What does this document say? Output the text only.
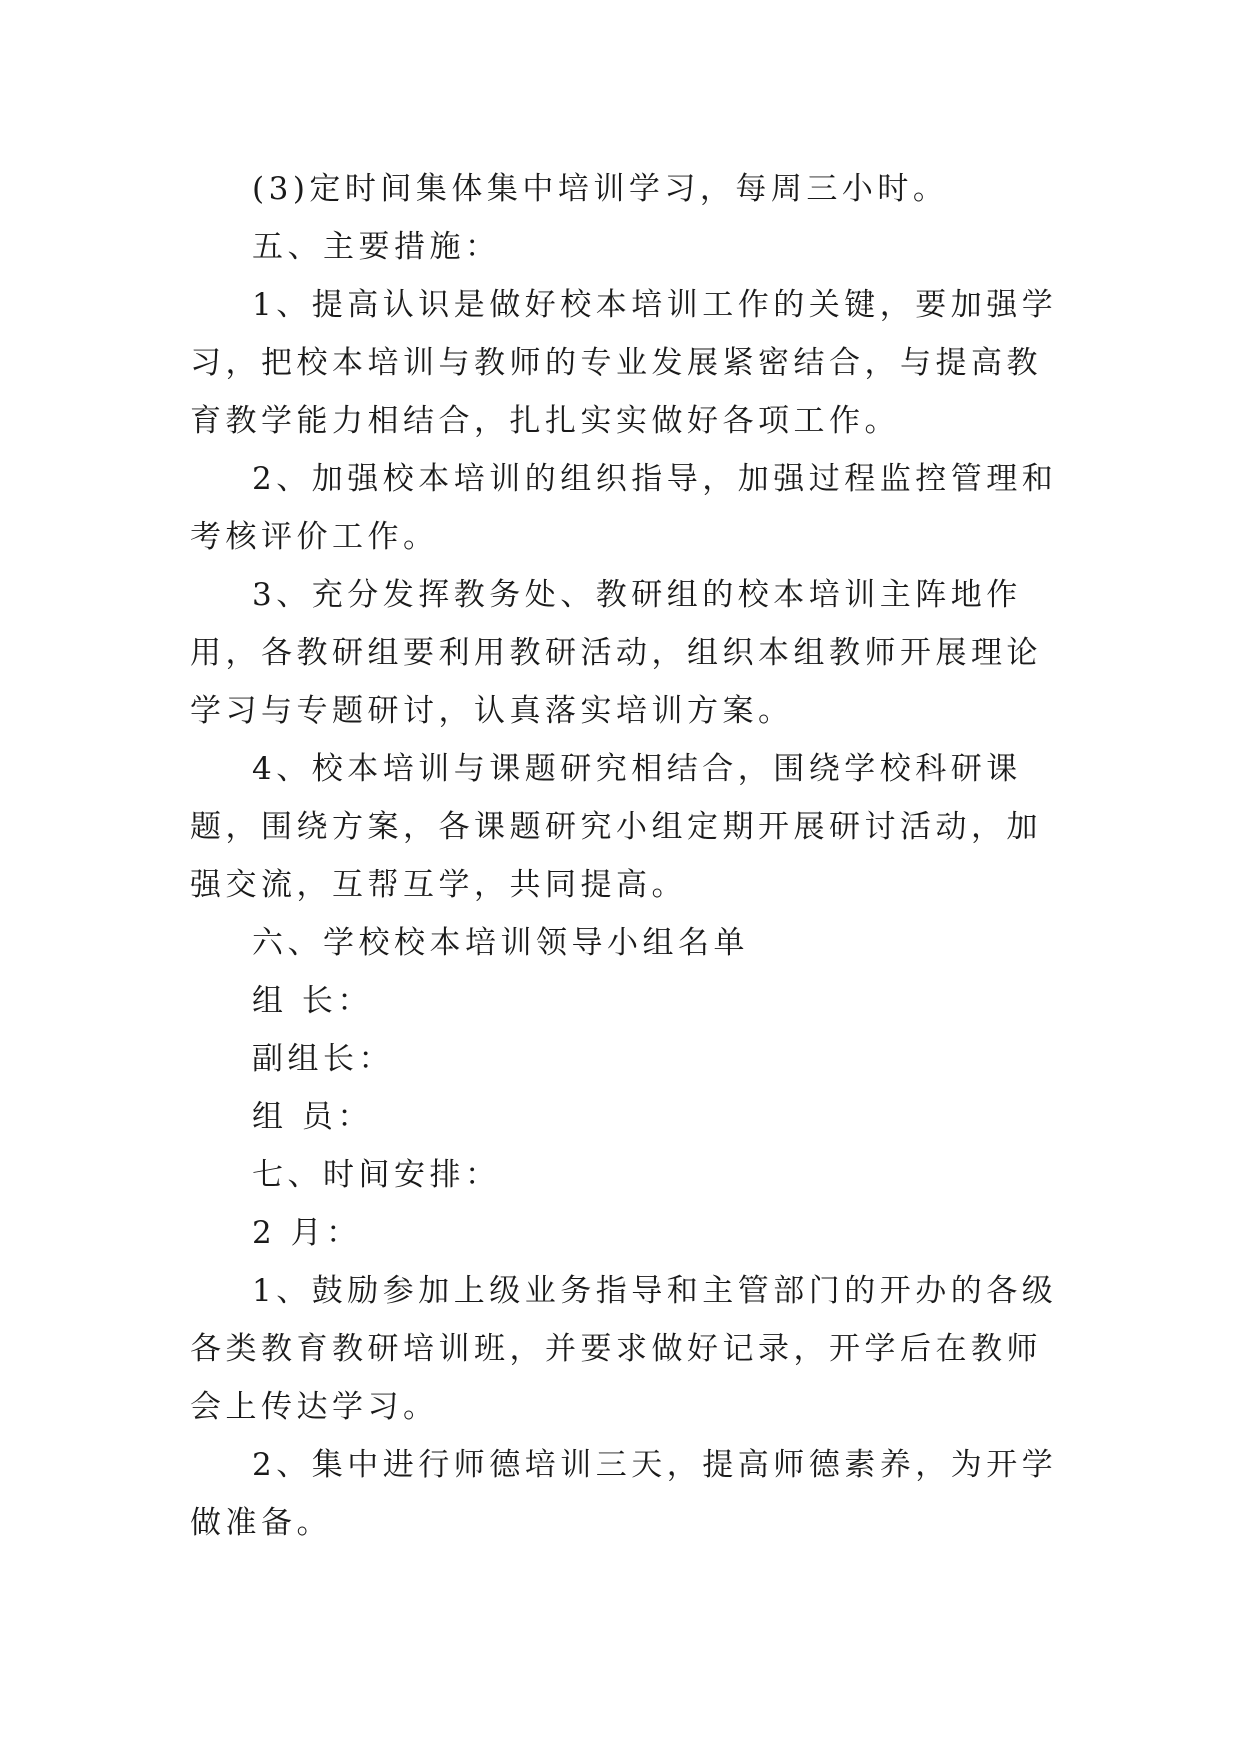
(3)定时间集体集中培训学习，每周三小时。

五、主要措施：

1、提高认识是做好校本培训工作的关键，要加强学习，把校本培训与教师的专业发展紧密结合，与提高教育教学能力相结合，扎扎实实做好各项工作。

2、加强校本培训的组织指导，加强过程监控管理和考核评价工作。

3、充分发挥教务处、教研组的校本培训主阵地作用，各教研组要利用教研活动，组织本组教师开展理论学习与专题研讨，认真落实培训方案。

4、校本培训与课题研究相结合，围绕学校科研课题，围绕方案，各课题研究小组定期开展研讨活动，加强交流，互帮互学，共同提高。

六、学校校本培训领导小组名单

组 长：

副组长：

组 员：

七、时间安排：

2 月：

1、鼓励参加上级业务指导和主管部门的开办的各级各类教育教研培训班，并要求做好记录，开学后在教师会上传达学习。

2、集中进行师德培训三天，提高师德素养，为开学做准备。
